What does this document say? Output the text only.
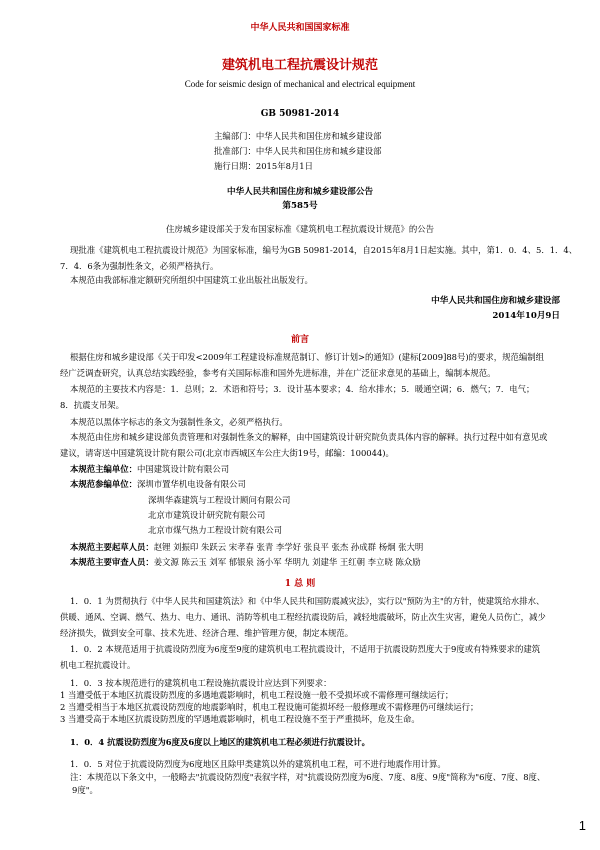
中华人民共和国国家标准
建筑机电工程抗震设计规范
Code for seismic design of mechanical and electrical equipment
GB 50981-2014
主编部门：中华人民共和国住房和城乡建设部
批准部门：中华人民共和国住房和城乡建设部
施行日期：2015年8月1日
中华人民共和国住房和城乡建设部公告
第585号
住房城乡建设部关于发布国家标准《建筑机电工程抗震设计规范》的公告
现批准《建筑机电工程抗震设计规范》为国家标准，编号为GB 50981-2014，自2015年8月1日起实施。其中，第1．0．4、5．1．4、
7．4．6条为强制性条文，必须严格执行。
本规范由我部标准定额研究所组织中国建筑工业出版社出版发行。
中华人民共和国住房和城乡建设部
2014年10月9日
前言
根据住房和城乡建设部《关于印发<2009年工程建设标准规范制订、修订计划>的通知》(建标[2009]88号)的要求，规范编制组经广泛调查研究，认真总结实践经验，参考有关国际标准和国外先进标准，并在广泛征求意见的基础上，编制本规范。
本规范的主要技术内容是：1．总则；2．术语和符号；3．设计基本要求；4．给水排水；5．暖通空调；6．燃气；7．电气；8．抗震支吊架。
本规范以黑体字标志的条文为强制性条文，必须严格执行。
本规范由住房和城乡建设部负责管理和对强制性条文的解释，由中国建筑设计研究院负责具体内容的解释。执行过程中如有意见或建议，请寄送中国建筑设计院有限公司(北京市西城区车公庄大街19号，邮编：100044)。
本规范主编单位：中国建筑设计院有限公司
本规范参编单位：深圳市置华机电设备有限公司
深圳华森建筑与工程设计顾问有限公司
北京市建筑设计研究院有限公司
北京市煤气热力工程设计院有限公司
本规范主要起草人员：赵锂 刘振印 朱跃云 宋孝春 张青 李学好 张良平 张杰 孙成群 杨炯 张大明
本规范主要审查人员：姜文源 陈云玉 刘军 郁银泉 汤小军 华明九 刘建华 王红朝 李立晓 陈众励
1 总 则
1．0．1 为贯彻执行《中华人民共和国建筑法》和《中华人民共和国防震减灾法》，实行以"预防为主"的方针，使建筑给水排水、供暖、通风、空调、燃气、热力、电力、通讯、消防等机电工程经抗震设防后，减轻地震破坏，防止次生灾害，避免人员伤亡，减少经济损失，做到安全可靠、技术先进、经济合理、维护管理方便，制定本规范。
1．0．2 本规范适用于抗震设防烈度为6度至9度的建筑机电工程抗震设计，不适用于抗震设防烈度大于9度或有特殊要求的建筑机电工程抗震设计。
1．0．3 按本规范进行的建筑机电工程设施抗震设计应达到下列要求：
1 当遭受低于本地区抗震设防烈度的多遇地震影响时，机电工程设施一般不受损坏或不需修理可继续运行；
2 当遭受相当于本地区抗震设防烈度的地震影响时，机电工程设施可能损坏经一般修理或不需修理仍可继续运行；
3 当遭受高于本地区抗震设防烈度的罕遇地震影响时，机电工程设施不至于严重损坏，危及生命。
1．0．4 抗震设防烈度为6度及6度以上地区的建筑机电工程必须进行抗震设计。
1．0．5 对位于抗震设防烈度为6度地区且除甲类建筑以外的建筑机电工程，可不进行地震作用计算。
注：本规范以下条文中，一般略去"抗震设防烈度"表叙字样，对"抗震设防烈度为6度、7度、8度、9度"简称为"6度、7度、8度、9度"。
1
